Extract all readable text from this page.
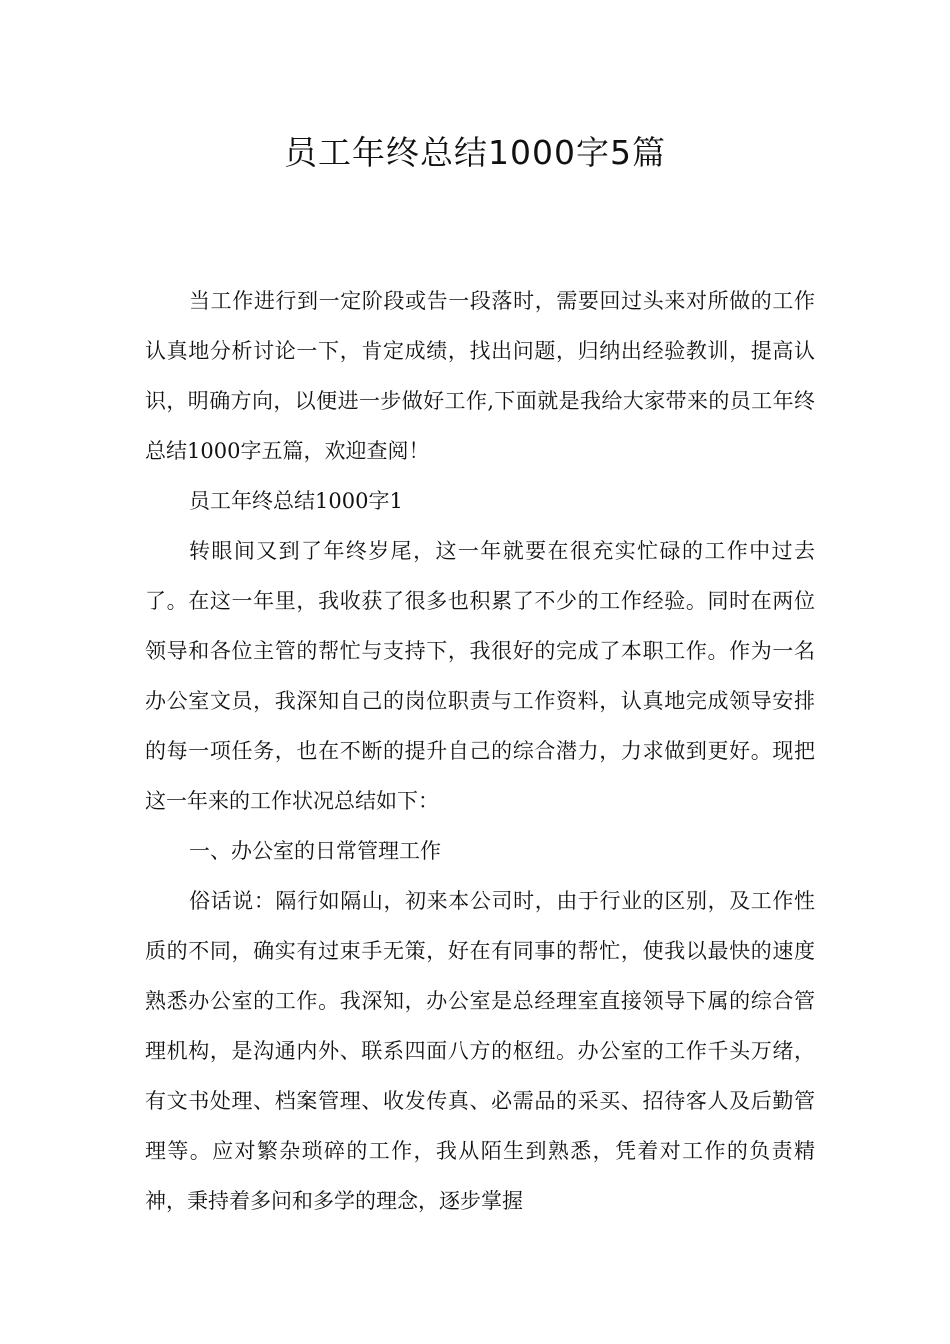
员工年终总结1000字5篇

当工作进行到一定阶段或告一段落时，需要回过头来对所做的工作认真地分析讨论一下，肯定成绩，找出问题，归纳出经验教训，提高认识，明确方向，以便进一步做好工作,下面就是我给大家带来的员工年终总结1000字五篇，欢迎查阅！

员工年终总结1000字1

转眼间又到了年终岁尾，这一年就要在很充实忙碌的工作中过去了。在这一年里，我收获了很多也积累了不少的工作经验。同时在两位领导和各位主管的帮忙与支持下，我很好的完成了本职工作。作为一名办公室文员，我深知自己的岗位职责与工作资料，认真地完成领导安排的每一项任务，也在不断的提升自己的综合潜力，力求做到更好。现把这一年来的工作状况总结如下：

一、办公室的日常管理工作

俗话说：隔行如隔山，初来本公司时，由于行业的区别，及工作性质的不同，确实有过束手无策，好在有同事的帮忙，使我以最快的速度熟悉办公室的工作。我深知，办公室是总经理室直接领导下属的综合管理机构，是沟通内外、联系四面八方的枢纽。办公室的工作千头万绪，有文书处理、档案管理、收发传真、必需品的采买、招待客人及后勤管理等。应对繁杂琐碎的工作，我从陌生到熟悉，凭着对工作的负责精神，秉持着多问和多学的理念，逐步掌握
